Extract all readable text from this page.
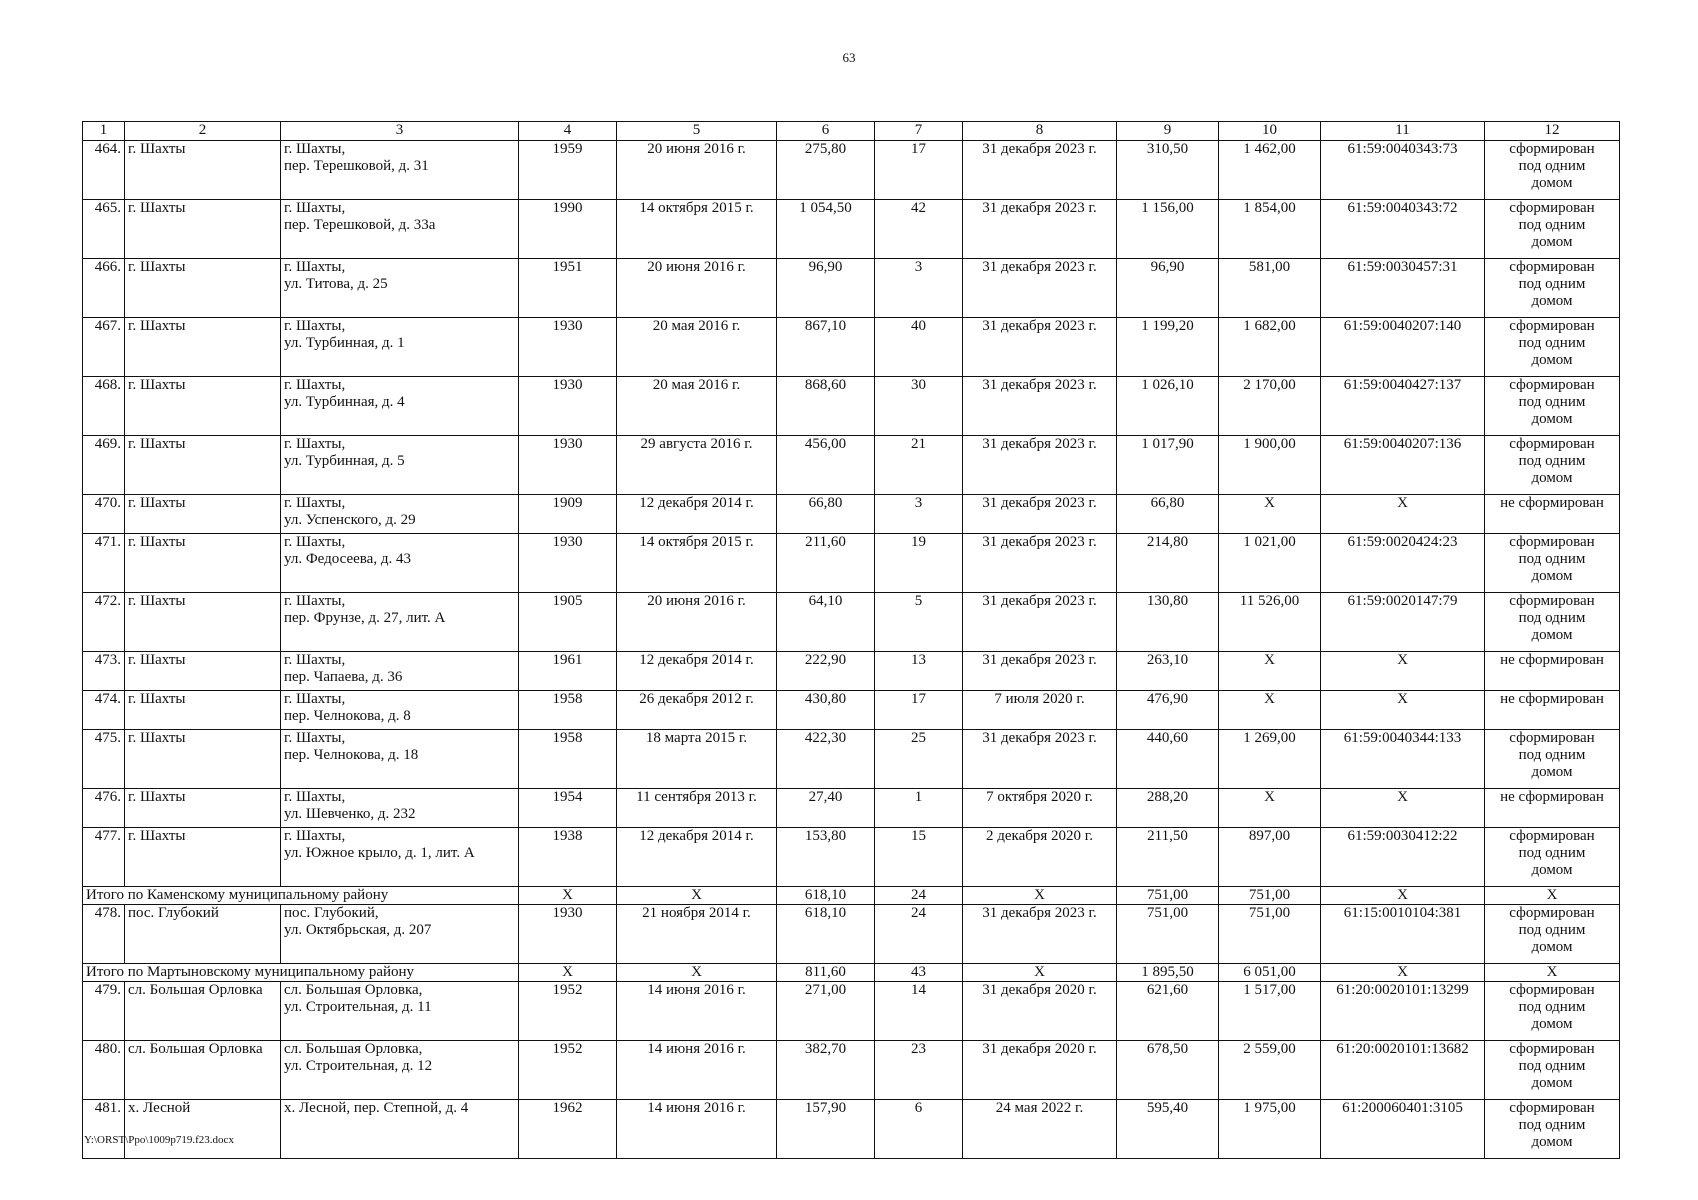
63
1	2	3	4	5	6	7	8	9	10	11	12
464.	г. Шахты	г. Шахты,
пер. Терешковой, д. 31	1959	20 июня 2016 г.	275,80	17	31 декабря 2023 г.	310,50	1 462,00	61:59:0040343:73	сформирован
под одним
домом
465.	г. Шахты	г. Шахты,
пер. Терешковой, д. 33а	1990	14 октября 2015 г.	1 054,50	42	31 декабря 2023 г.	1 156,00	1 854,00	61:59:0040343:72	сформирован
под одним
домом
466.	г. Шахты	г. Шахты,
ул. Титова, д. 25	1951	20 июня 2016 г.	96,90	3	31 декабря 2023 г.	96,90	581,00	61:59:0030457:31	сформирован
под одним
домом
467.	г. Шахты	г. Шахты,
ул. Турбинная, д. 1	1930	20 мая 2016 г.	867,10	40	31 декабря 2023 г.	1 199,20	1 682,00	61:59:0040207:140	сформирован
под одним
домом
468.	г. Шахты	г. Шахты,
ул. Турбинная, д. 4	1930	20 мая 2016 г.	868,60	30	31 декабря 2023 г.	1 026,10	2 170,00	61:59:0040427:137	сформирован
под одним
домом
469.	г. Шахты	г. Шахты,
ул. Турбинная, д. 5	1930	29 августа 2016 г.	456,00	21	31 декабря 2023 г.	1 017,90	1 900,00	61:59:0040207:136	сформирован
под одним
домом
470.	г. Шахты	г. Шахты,
ул. Успенского, д. 29	1909	12 декабря 2014 г.	66,80	3	31 декабря 2023 г.	66,80	X	X	не сформирован
471.	г. Шахты	г. Шахты,
ул. Федосеева, д. 43	1930	14 октября 2015 г.	211,60	19	31 декабря 2023 г.	214,80	1 021,00	61:59:0020424:23	сформирован
под одним
домом
472.	г. Шахты	г. Шахты,
пер. Фрунзе, д. 27, лит. А	1905	20 июня 2016 г.	64,10	5	31 декабря 2023 г.	130,80	11 526,00	61:59:0020147:79	сформирован
под одним
домом
473.	г. Шахты	г. Шахты,
пер. Чапаева, д. 36	1961	12 декабря 2014 г.	222,90	13	31 декабря 2023 г.	263,10	X	X	не сформирован
474.	г. Шахты	г. Шахты,
пер. Челнокова, д. 8	1958	26 декабря 2012 г.	430,80	17	7 июля 2020 г.	476,90	X	X	не сформирован
475.	г. Шахты	г. Шахты,
пер. Челнокова, д. 18	1958	18 марта 2015 г.	422,30	25	31 декабря 2023 г.	440,60	1 269,00	61:59:0040344:133	сформирован
под одним
домом
476.	г. Шахты	г. Шахты,
ул. Шевченко, д. 232	1954	11 сентября 2013 г.	27,40	1	7 октября 2020 г.	288,20	X	X	не сформирован
477.	г. Шахты	г. Шахты,
ул. Южное крыло, д. 1, лит. А	1938	12 декабря 2014 г.	153,80	15	2 декабря 2020 г.	211,50	897,00	61:59:0030412:22	сформирован
под одним
домом
Итого по Каменскому муниципальному району			X	X	618,10	24	X	751,00	751,00	X	X
478.	пос. Глубокий	пос. Глубокий,
ул. Октябрьская, д. 207	1930	21 ноября 2014 г.	618,10	24	31 декабря 2023 г.	751,00	751,00	61:15:0010104:381	сформирован
под одним
домом
Итого по Мартыновскому муниципальному району			X	X	811,60	43	X	1 895,50	6 051,00	X	X
479.	сл. Большая Орловка	сл. Большая Орловка,
ул. Строительная, д. 11	1952	14 июня 2016 г.	271,00	14	31 декабря 2020 г.	621,60	1 517,00	61:20:0020101:13299	сформирован
под одним
домом
480.	сл. Большая Орловка	сл. Большая Орловка,
ул. Строительная, д. 12	1952	14 июня 2016 г.	382,70	23	31 декабря 2020 г.	678,50	2 559,00	61:20:0020101:13682	сформирован
под одним
домом
481.	х. Лесной	х. Лесной, пер. Степной, д. 4	1962	14 июня 2016 г.	157,90	6	24 мая 2022 г.	595,40	1 975,00	61:200060401:3105	сформирован
под одним
домом
Y:\ORST\Ppo\1009p719.f23.docx
